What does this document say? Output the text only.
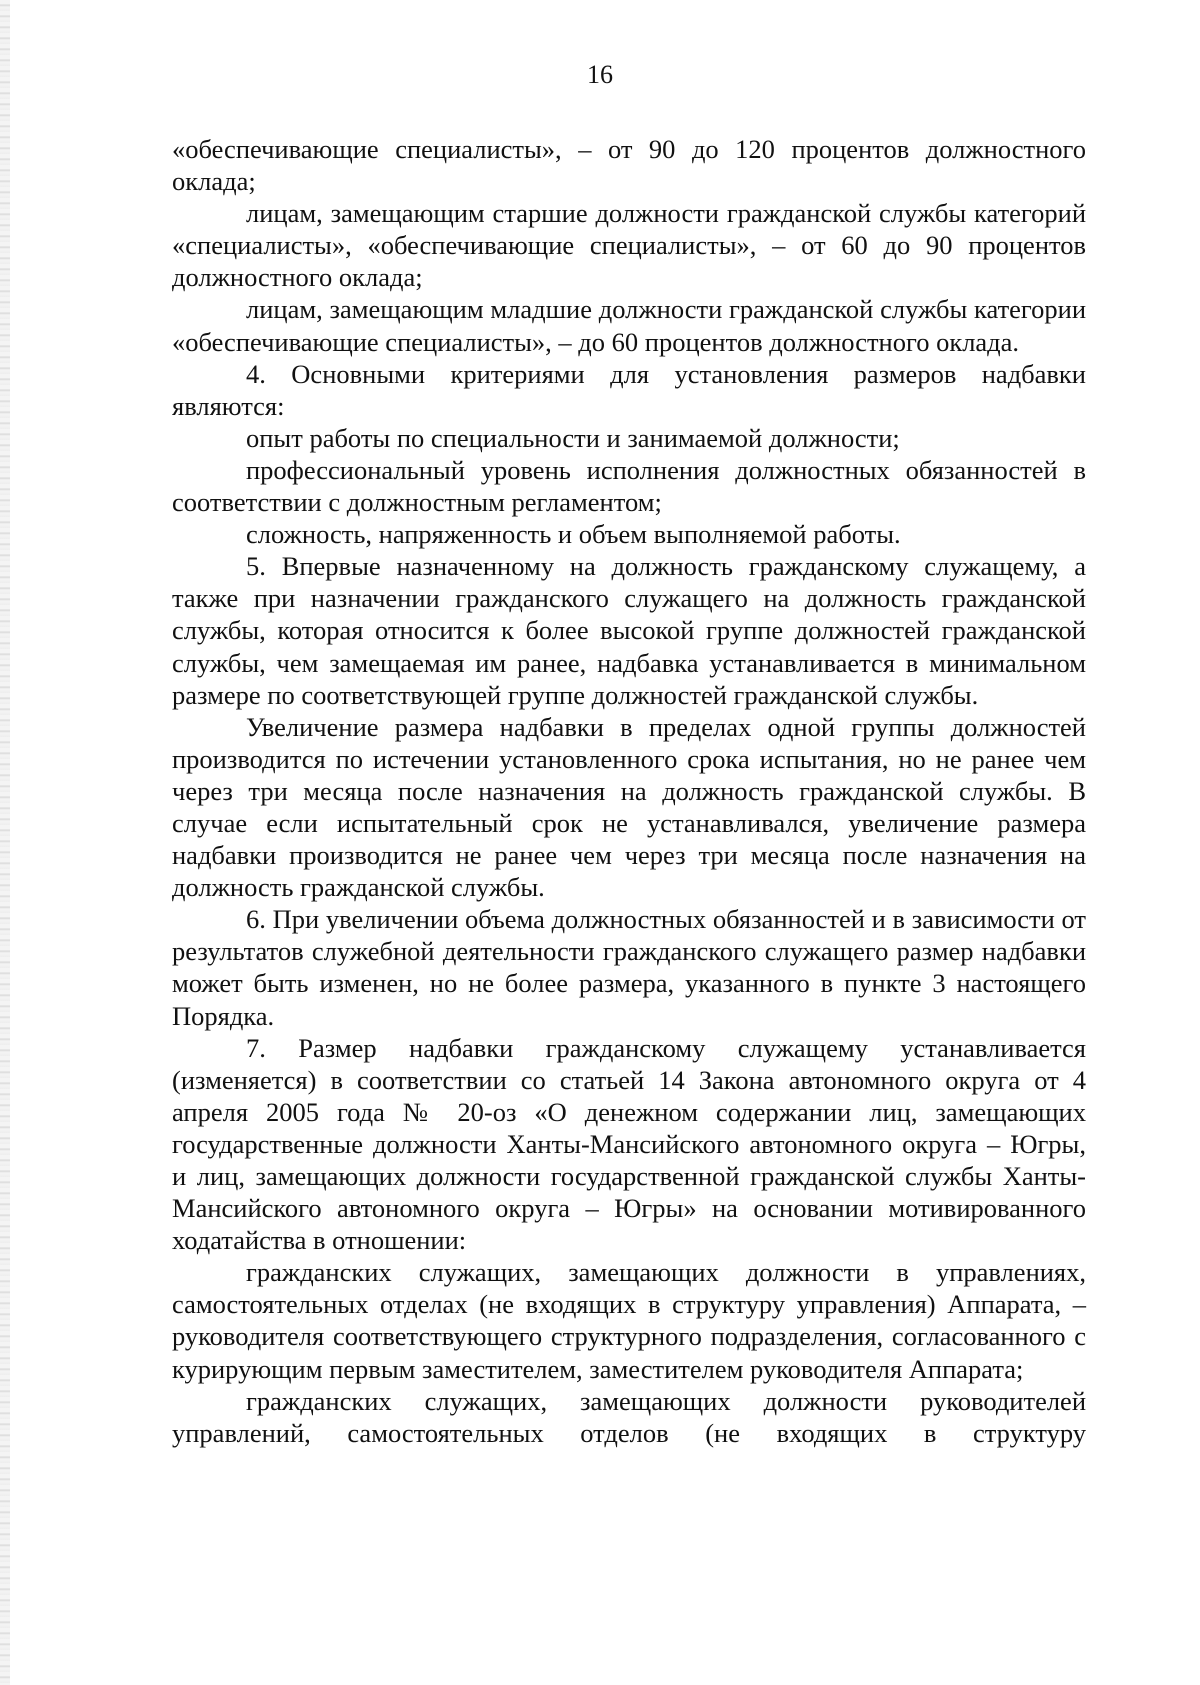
16

«обеспечивающие специалисты», – от 90 до 120 процентов должностного оклада;

лицам, замещающим старшие должности гражданской службы категорий «специалисты», «обеспечивающие специалисты», – от 60 до 90 процентов должностного оклада;

лицам, замещающим младшие должности гражданской службы категории «обеспечивающие специалисты», – до 60 процентов должностного оклада.

4. Основными критериями для установления размеров надбавки являются:

опыт работы по специальности и занимаемой должности;

профессиональный уровень исполнения должностных обязанностей в соответствии с должностным регламентом;

сложность, напряженность и объем выполняемой работы.

5. Впервые назначенному на должность гражданскому служащему, а также при назначении гражданского служащего на должность гражданской службы, которая относится к более высокой группе должностей гражданской службы, чем замещаемая им ранее, надбавка устанавливается в минимальном размере по соответствующей группе должностей гражданской службы.

Увеличение размера надбавки в пределах одной группы должностей производится по истечении установленного срока испытания, но не ранее чем через три месяца после назначения на должность гражданской службы. В случае если испытательный срок не устанавливался, увеличение размера надбавки производится не ранее чем через три месяца после назначения на должность гражданской службы.

6. При увеличении объема должностных обязанностей и в зависимости от результатов служебной деятельности гражданского служащего размер надбавки может быть изменен, но не более размера, указанного в пункте 3 настоящего Порядка.

7. Размер надбавки гражданскому служащему устанавливается (изменяется) в соответствии со статьей 14 Закона автономного округа от 4 апреля 2005 года № 20-оз «О денежном содержании лиц, замещающих государственные должности Ханты-Мансийского автономного округа – Югры, и лиц, замещающих должности государственной гражданской службы Ханты-Мансийского автономного округа – Югры» на основании мотивированного ходатайства в отношении:

гражданских служащих, замещающих должности в управлениях, самостоятельных отделах (не входящих в структуру управления) Аппарата, – руководителя соответствующего структурного подразделения, согласованного с курирующим первым заместителем, заместителем руководителя Аппарата;

гражданских служащих, замещающих должности руководителей управлений, самостоятельных отделов (не входящих в структуру
